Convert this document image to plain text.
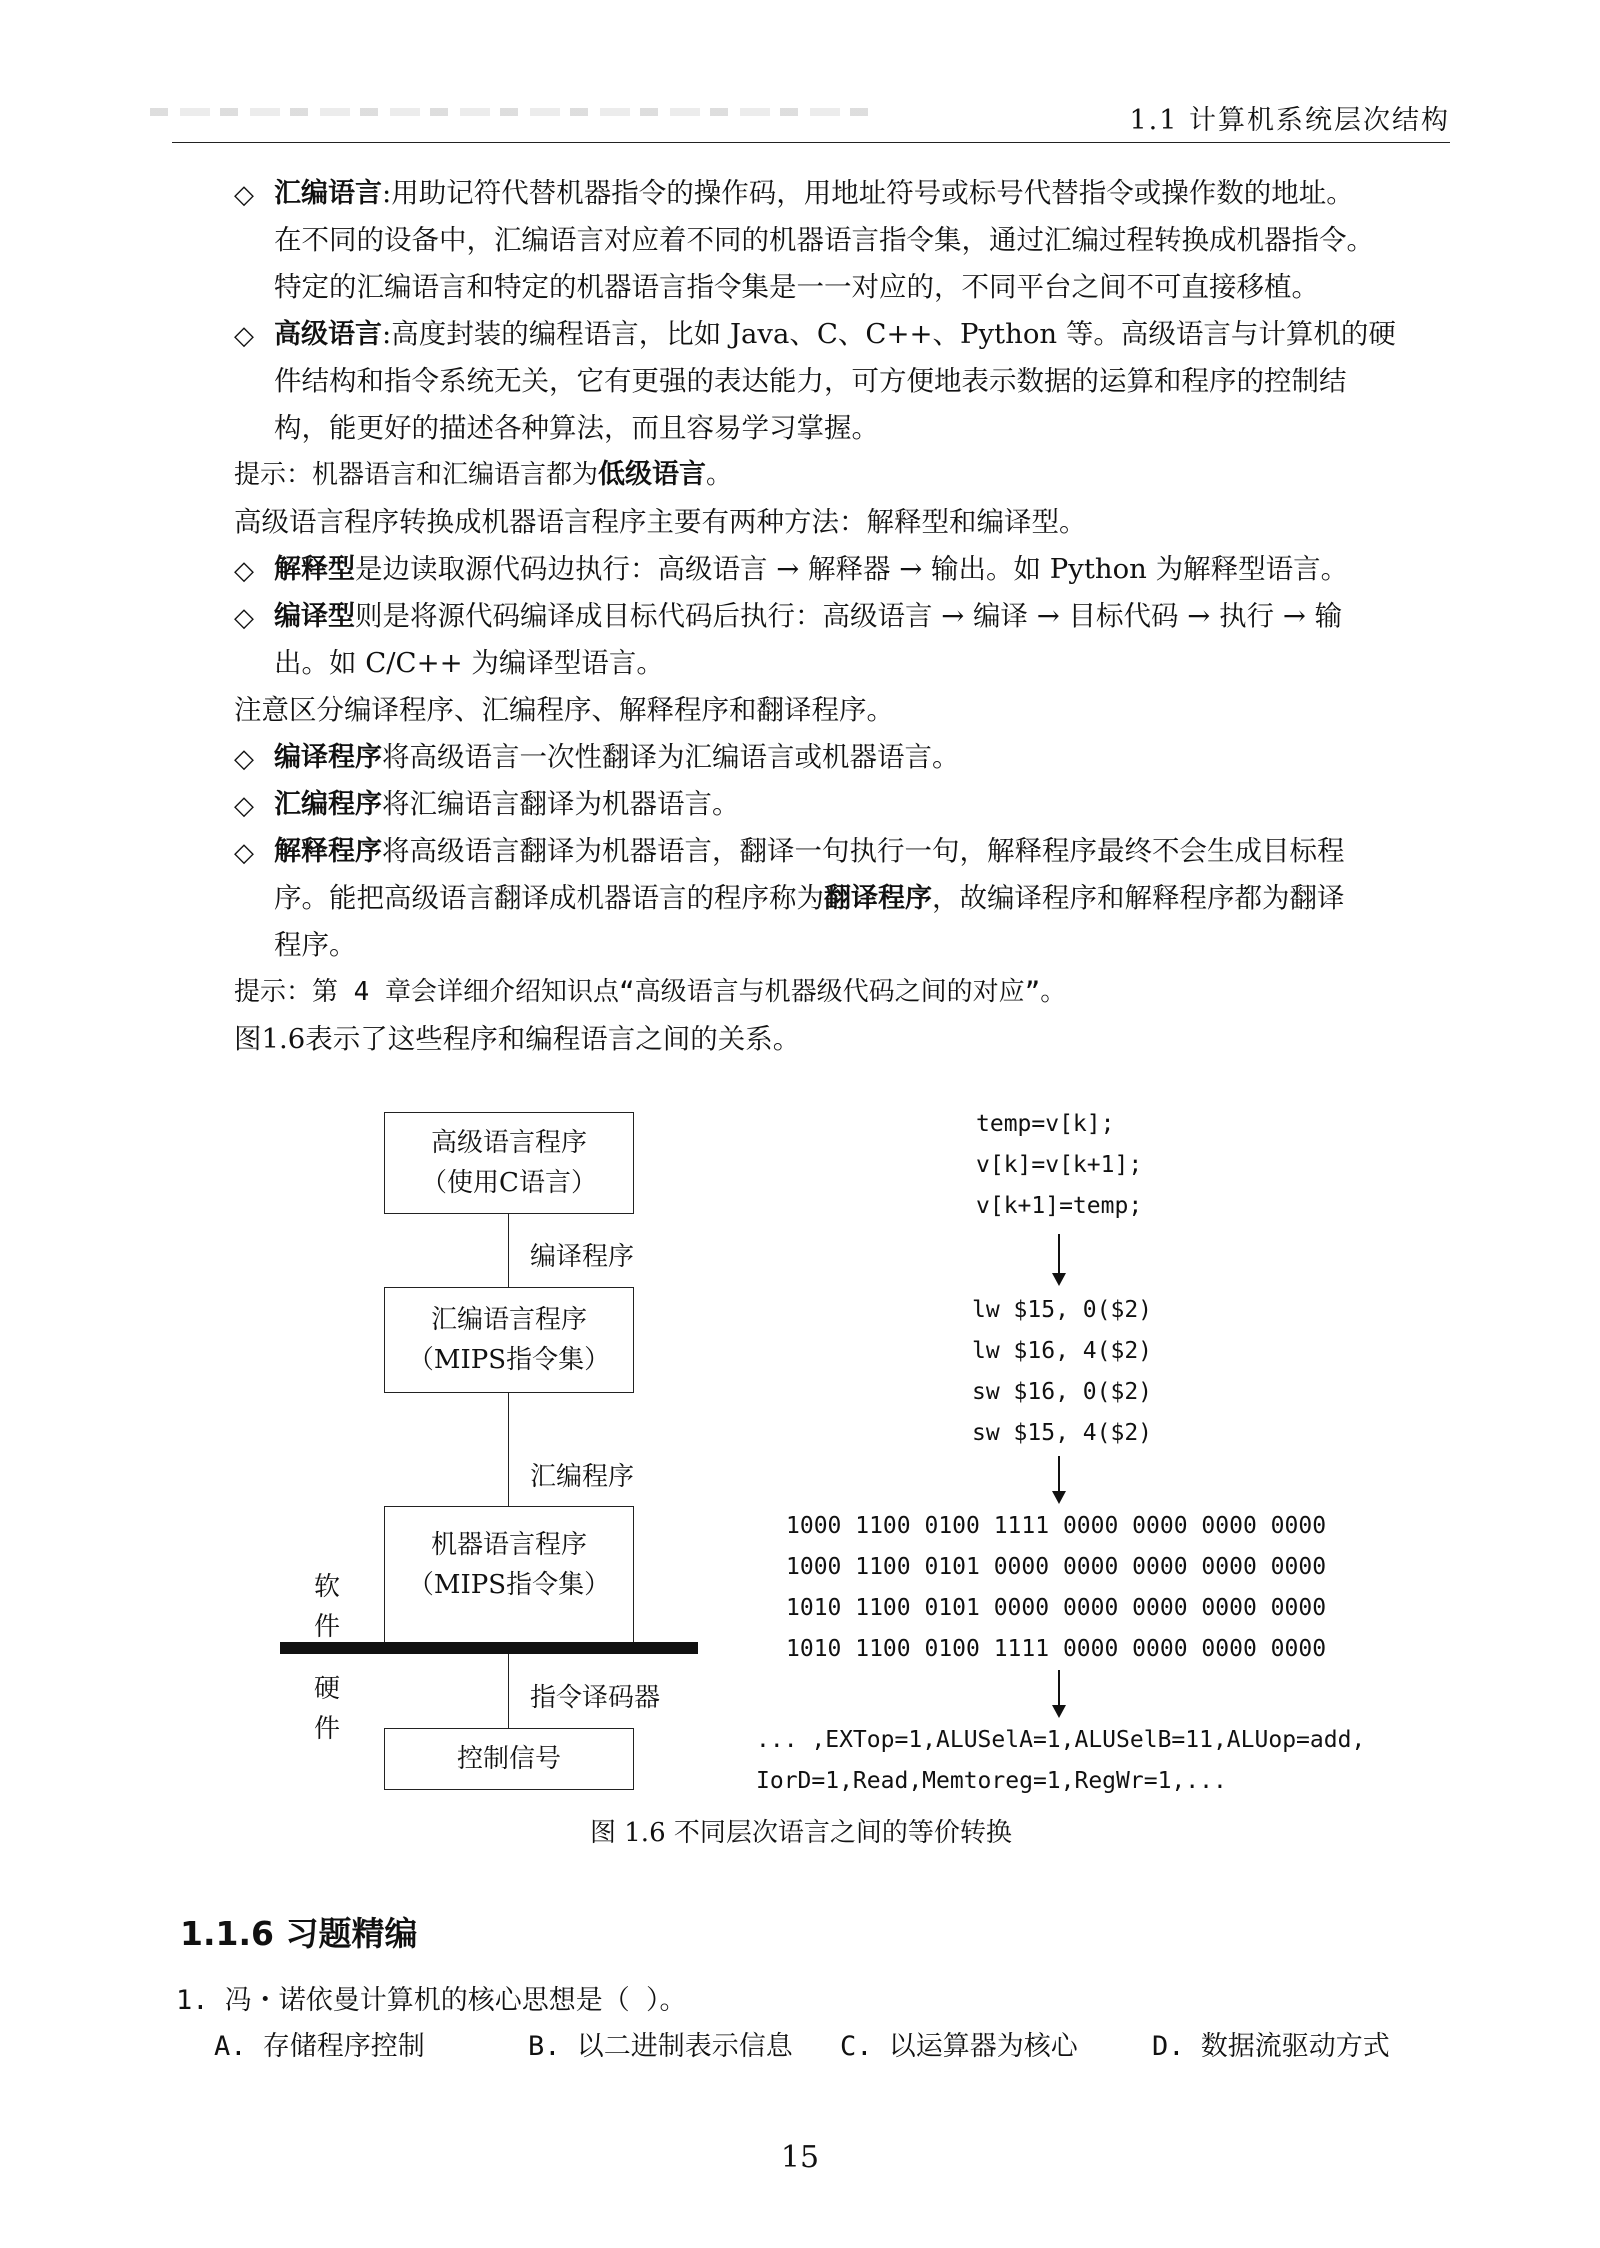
1.1 计算机系统层次结构
◇ 汇编语言:用助记符代替机器指令的操作码，用地址符号或标号代替指令或操作数的地址。
在不同的设备中，汇编语言对应着不同的机器语言指令集，通过汇编过程转换成机器指令。
特定的汇编语言和特定的机器语言指令集是一一对应的，不同平台之间不可直接移植。
◇ 高级语言:高度封装的编程语言，比如 Java、C、C++、Python 等。高级语言与计算机的硬
件结构和指令系统无关，它有更强的表达能力，可方便地表示数据的运算和程序的控制结
构，能更好的描述各种算法，而且容易学习掌握。
提示：机器语言和汇编语言都为低级语言。
高级语言程序转换成机器语言程序主要有两种方法：解释型和编译型。
◇ 解释型是边读取源代码边执行：高级语言 → 解释器 → 输出。如 Python 为解释型语言。
◇ 编译型则是将源代码编译成目标代码后执行：高级语言 → 编译 → 目标代码 → 执行 → 输
出。如 C/C++ 为编译型语言。
注意区分编译程序、汇编程序、解释程序和翻译程序。
◇ 编译程序将高级语言一次性翻译为汇编语言或机器语言。
◇ 汇编程序将汇编语言翻译为机器语言。
◇ 解释程序将高级语言翻译为机器语言，翻译一句执行一句，解释程序最终不会生成目标程
序。能把高级语言翻译成机器语言的程序称为翻译程序，故编译程序和解释程序都为翻译
程序。
提示：第 4 章会详细介绍知识点“高级语言与机器级代码之间的对应”。
图1.6表示了这些程序和编程语言之间的关系。
高级语言程序
（使用C语言）
编译程序
汇编语言程序
（MIPS指令集）
汇编程序
机器语言程序
（MIPS指令集）
软
件
硬
件
指令译码器
控制信号
temp=v[k];
v[k]=v[k+1];
v[k+1]=temp;
lw $15, 0($2)
lw $16, 4($2)
sw $16, 0($2)
sw $15, 4($2)
1000 1100 0100 1111 0000 0000 0000 0000
1000 1100 0101 0000 0000 0000 0000 0000
1010 1100 0101 0000 0000 0000 0000 0000
1010 1100 0100 1111 0000 0000 0000 0000
... ,EXTop=1,ALUSelA=1,ALUSelB=11,ALUop=add,
IorD=1,Read,Memtoreg=1,RegWr=1,...
图 1.6 不同层次语言之间的等价转换
1.1.6 习题精编
1. 冯・诺依曼计算机的核心思想是（ ）。
A. 存储程序控制	B. 以二进制表示信息 C. 以运算器为核心	D. 数据流驱动方式
15
